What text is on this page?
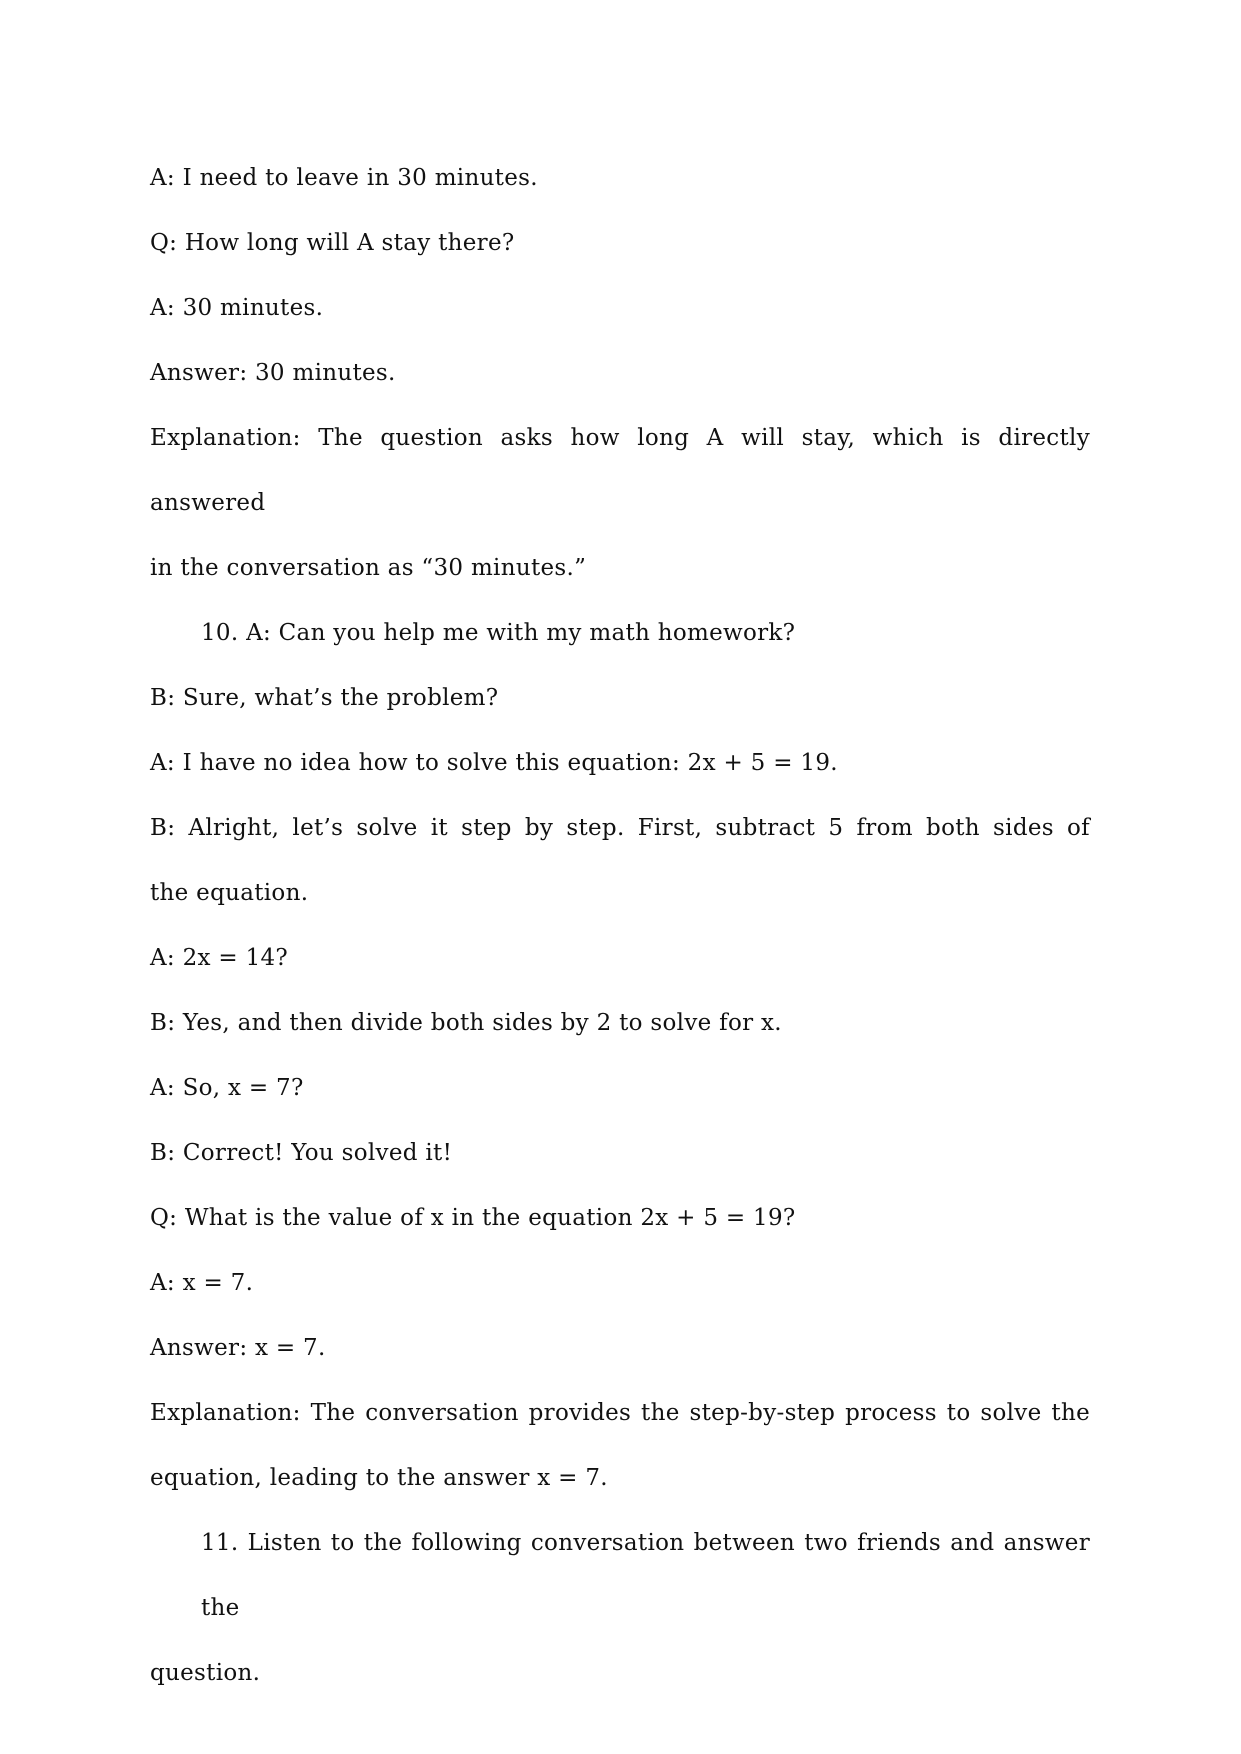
A: I need to leave in 30 minutes.
Q: How long will A stay there?
A: 30 minutes.
Answer: 30 minutes.
Explanation: The question asks how long A will stay, which is directly answered
in the conversation as “30 minutes.”
10. A: Can you help me with my math homework?
B: Sure, what’s the problem?
A: I have no idea how to solve this equation: 2x + 5 = 19.
B: Alright, let’s solve it step by step. First, subtract 5 from both sides of
the equation.
A: 2x = 14?
B: Yes, and then divide both sides by 2 to solve for x.
A: So, x = 7?
B: Correct! You solved it!
Q: What is the value of x in the equation 2x + 5 = 19?
A: x = 7.
Answer: x = 7.
Explanation: The conversation provides the step-by-step process to solve the
equation, leading to the answer x = 7.
11. Listen to the following conversation between two friends and answer the
question.
